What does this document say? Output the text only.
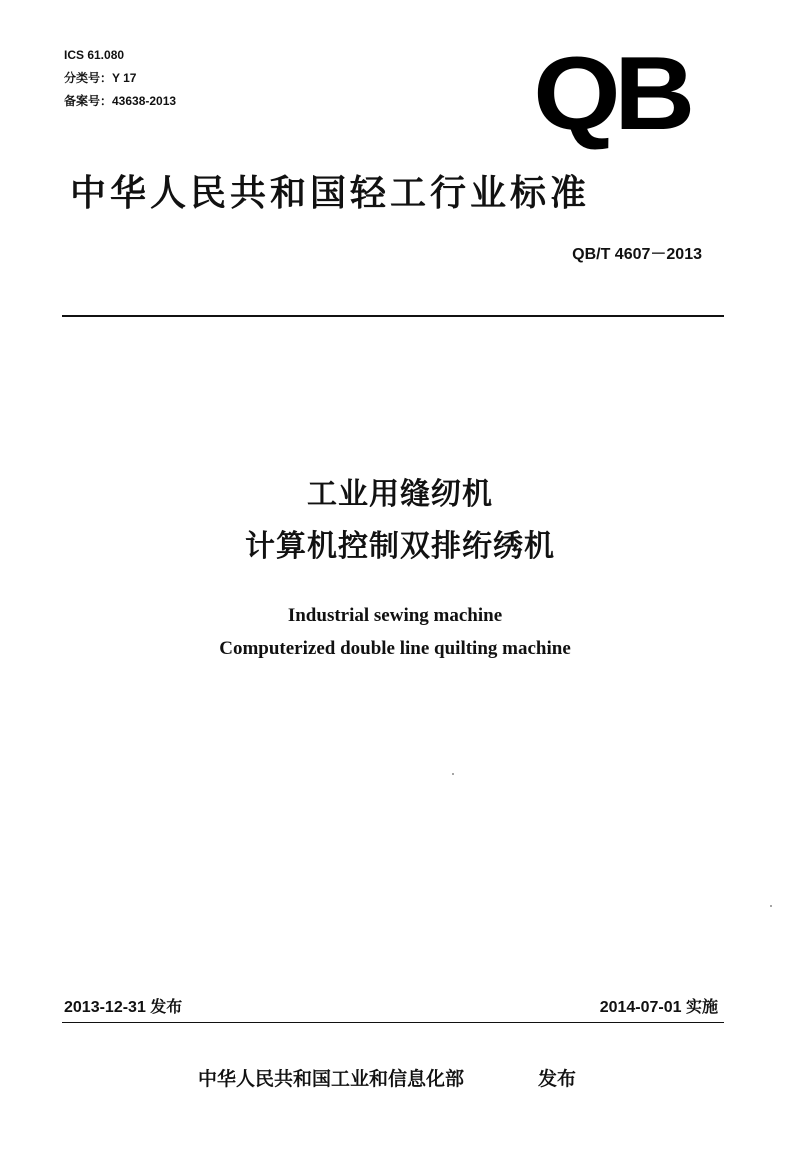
ICS 61.080
分类号：Y 17
备案号：43638-2013	QB
中华人民共和国轻工行业标准
QB/T 4607－2013
工业用缝纫机
计算机控制双排绗绣机
Industrial sewing machine
Computerized double line quilting machine
2013-12-31 发布	2014-07-01 实施
中华人民共和国工业和信息化部	发布
